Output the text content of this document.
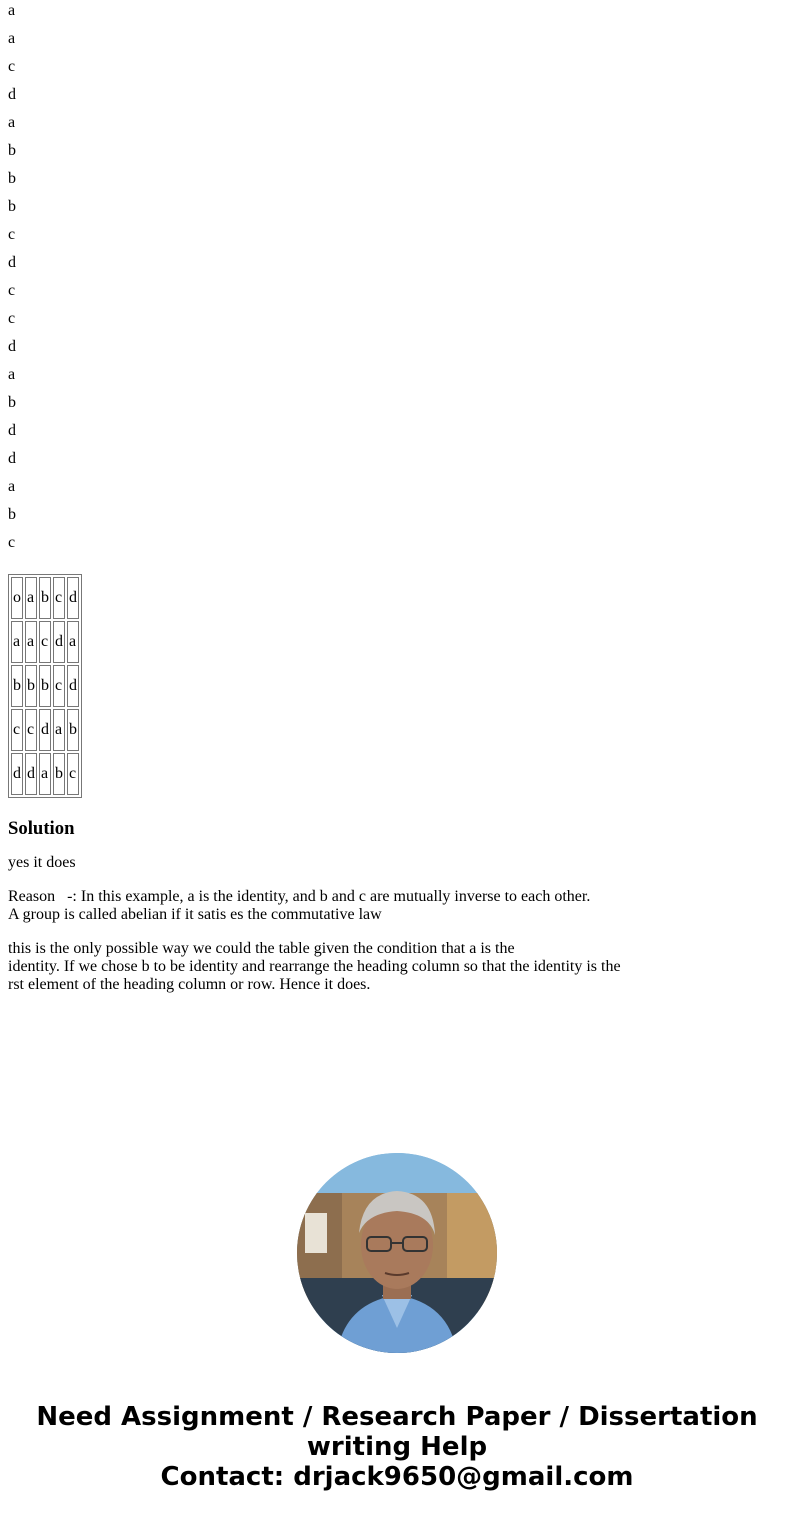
a

a

c

d

a

b

b

b

c

d

c

c

d

a

b

d

d

a

b

c

o	a	b	c	d
a	a	c	d	a
b	b	b	c	d
c	c	d	a	b
d	d	a	b	c
Solution

yes it does

Reason   -: In this example, a is the identity, and b and c are mutually inverse to each other.
A group is called abelian if it satis es the commutative law

this is the only possible way we could the table given the condition that a is the
identity. If we chose b to be identity and rearrange the heading column so that the identity is the
rst element of the heading column or row. Hence it does.

Need Assignment / Research Paper / Dissertation
writing Help
Contact: drjack9650@gmail.com
